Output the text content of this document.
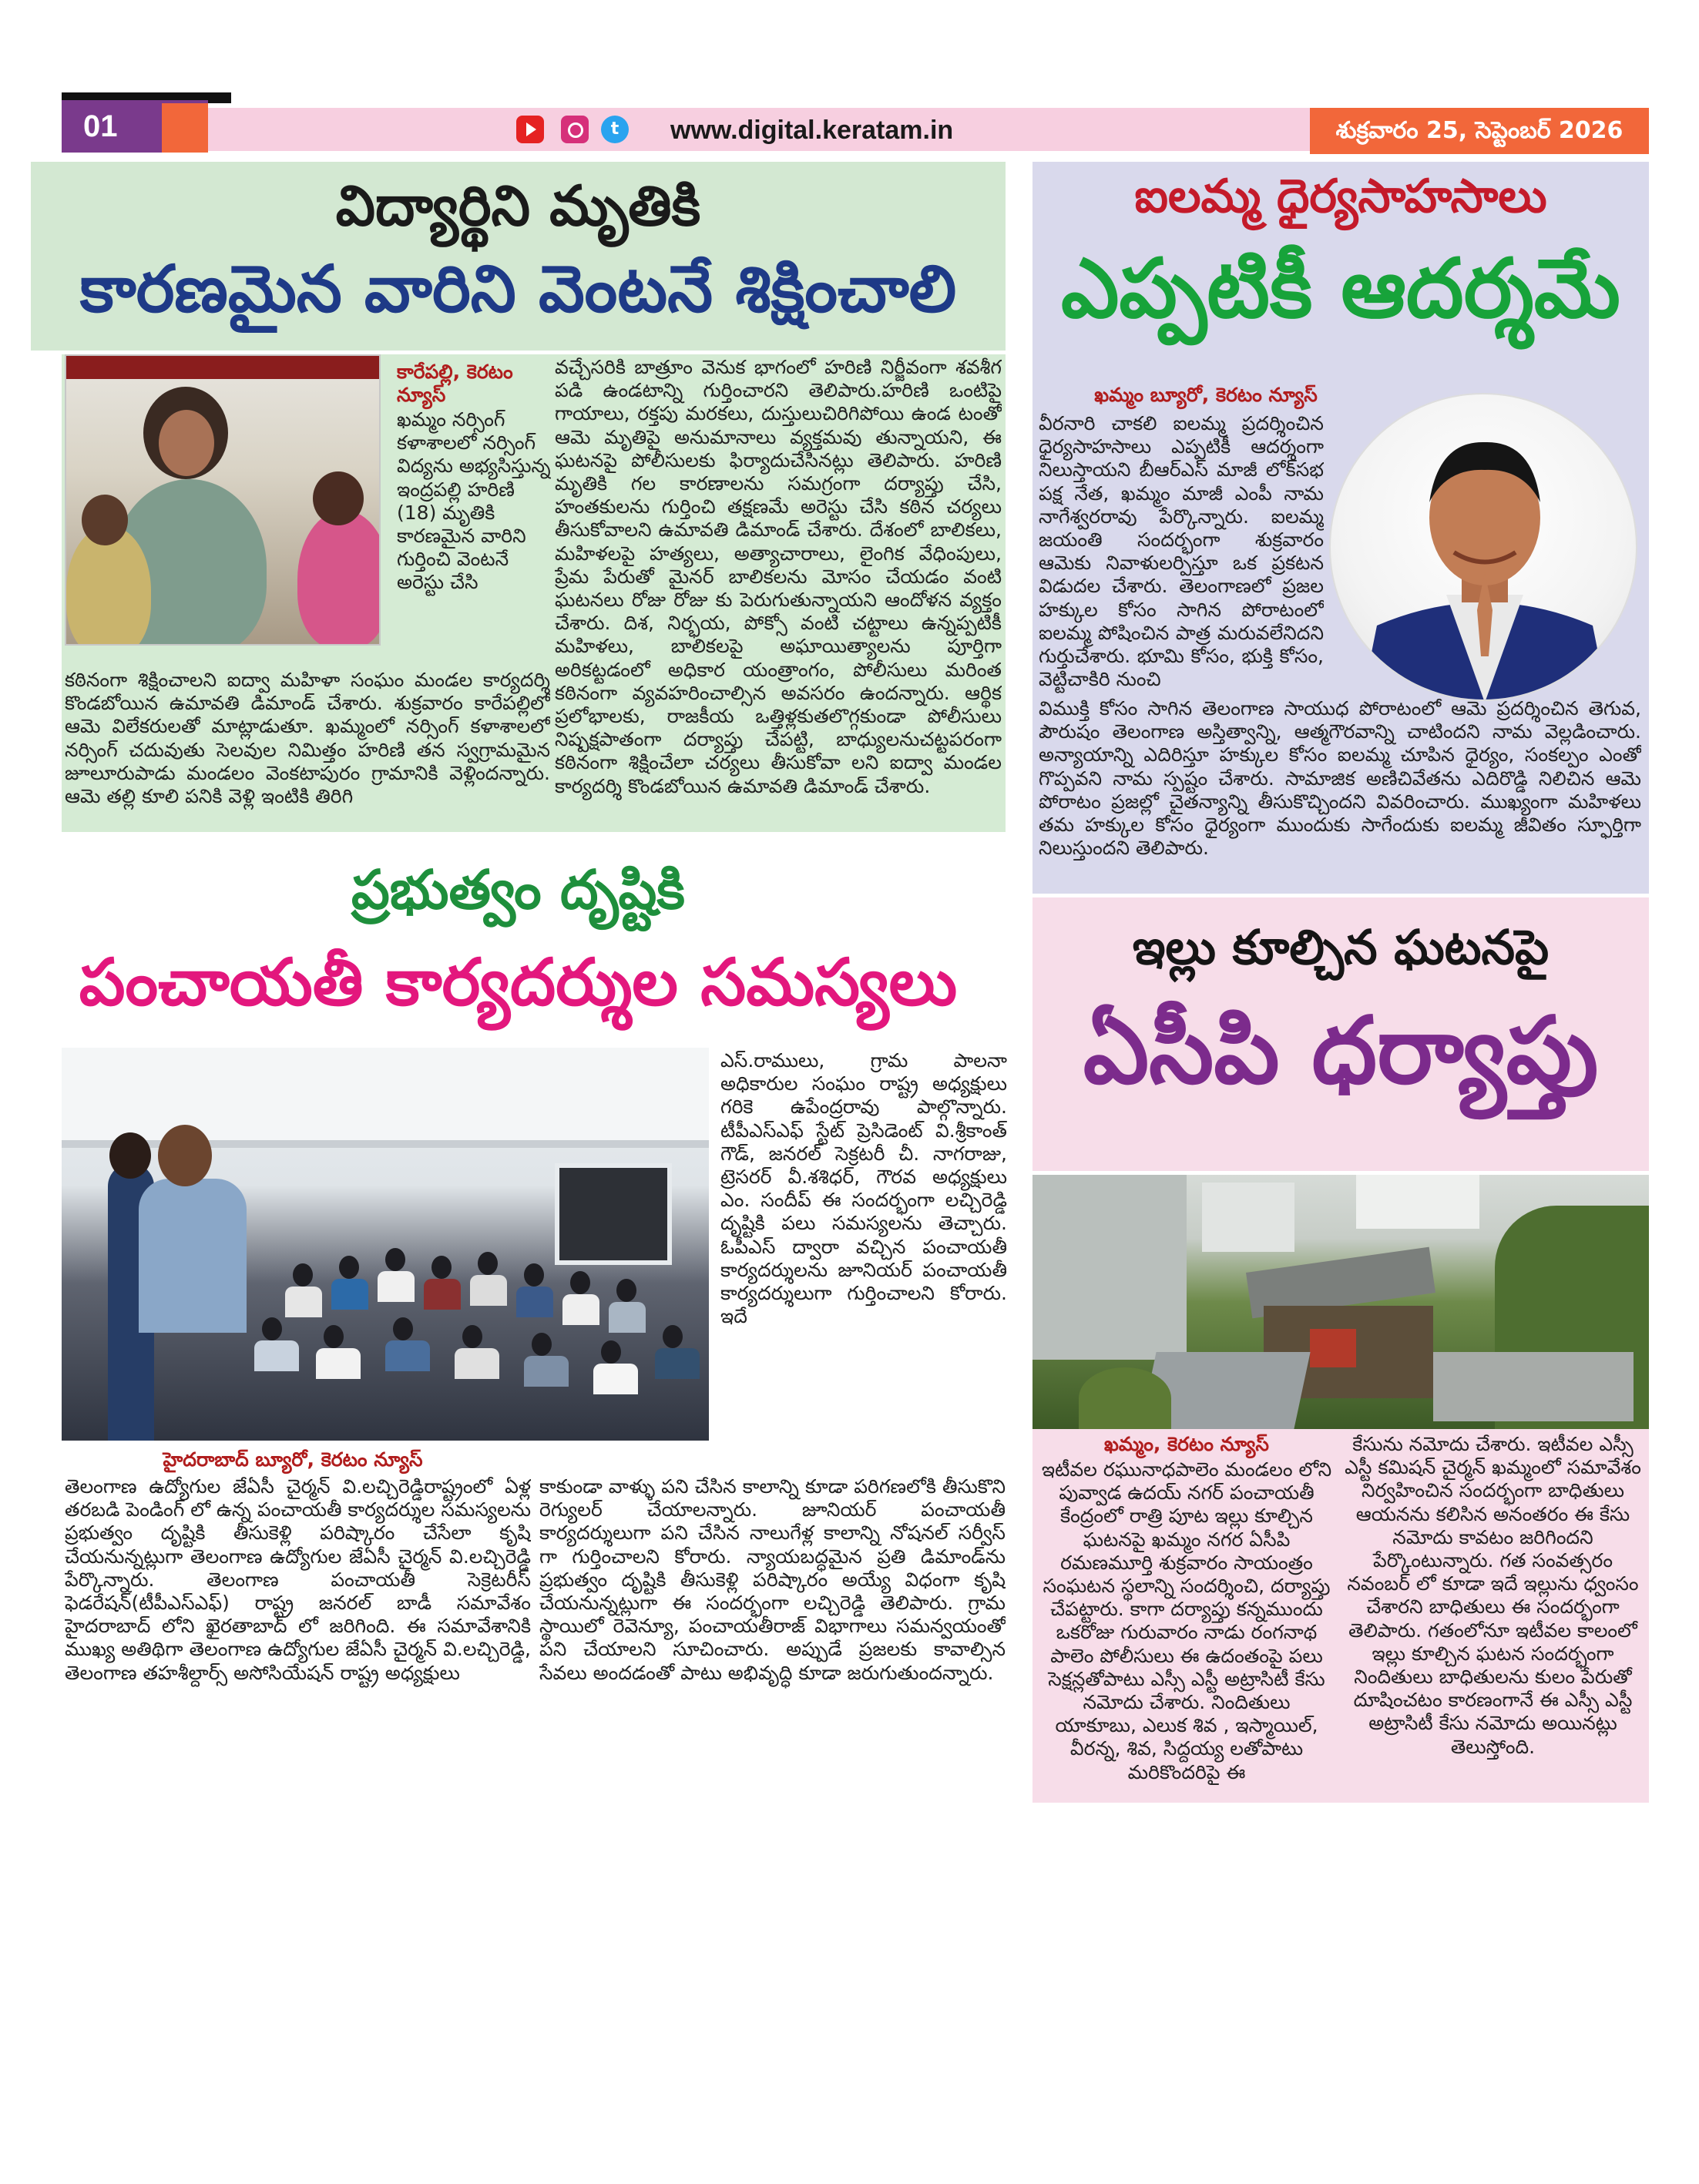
01	t	www.digital.keratam.in	శుక్రవారం 25, సెప్టెంబర్ 2026
విద్యార్థిని మృతికి
కారణమైన వారిని వెంటనే శిక్షించాలి
కారేపల్లి, కెరటం న్యూస్
ఖమ్మం నర్సింగ్ కళాశాలలో నర్సింగ్ విద్యను అభ్యసిస్తున్న ఇంద్రపల్లి హరిణి (18) మృతికి కారణమైన వారిని గుర్తించి వెంటనే అరెస్టు చేసి
కఠినంగా శిక్షించాలని ఐద్వా మహిళా సంఘం మండల కార్యదర్శి కొండబోయిన ఉమావతి డిమాండ్ చేశారు. శుక్రవారం కారేపల్లిలో ఆమె విలేకరులతో మాట్లాడుతూ. ఖమ్మంలో నర్సింగ్ కళాశాలలో నర్సింగ్ చదువుతు సెలవుల నిమిత్తం హరిణి తన స్వగ్రామమైన జూలూరుపాడు మండలం వెంకటాపురం గ్రామానికి వెళ్లిందన్నారు. ఆమె తల్లి కూలి పనికి వెళ్లి ఇంటికి తిరిగి
వచ్చేసరికి బాత్రూం వెనుక భాగంలో హరిణి నిర్జీవంగా శవశీగ పడి ఉండటాన్ని గుర్తించారని తెలిపారు.హరిణి ఒంటిపై గాయాలు, రక్తపు మరకలు, దుస్తులుచిరిగిపోయి ఉండ టంతో ఆమె మృతిపై అనుమానాలు వ్యక్తమవు తున్నాయని, ఈ ఘటనపై పోలీసులకు ఫిర్యాదుచేసినట్లు తెలిపారు. హరిణి మృతికి గల కారణాలను సమగ్రంగా దర్యాప్తు చేసి, హంతకులను గుర్తించి తక్షణమే అరెస్టు చేసి కఠిన చర్యలు తీసుకోవాలని ఉమావతి డిమాండ్ చేశారు. దేశంలో బాలికలు, మహిళలపై హత్యలు, అత్యాచారాలు, లైంగిక వేధింపులు, ప్రేమ పేరుతో మైనర్ బాలికలను మోసం చేయడం వంటి ఘటనలు రోజు రోజు కు పెరుగుతున్నాయని ఆందోళన వ్యక్తం చేశారు. దిశ, నిర్భయ, పోక్సో వంటి చట్టాలు ఉన్నప్పటికీ మహిళలు, బాలికలపై అఘాయిత్యాలను పూర్తిగా అరికట్టడంలో అధికార యంత్రాంగం, పోలీసులు మరింత కఠినంగా వ్యవహరించాల్సిన అవసరం ఉందన్నారు. ఆర్థిక ప్రలోభాలకు, రాజకీయ ఒత్తిళ్లకుతలొగ్గకుండా పోలీసులు నిష్పక్షపాతంగా దర్యాప్తు చేపట్టి, బాధ్యులనుచట్టపరంగా కఠినంగా శిక్షించేలా చర్యలు తీసుకోవా లని ఐద్వా మండల కార్యదర్శి కొండబోయిన ఉమావతి డిమాండ్ చేశారు.
ఐలమ్మ ధైర్యసాహసాలు
ఎప్పటికీ ఆదర్శమే
ఖమ్మం బ్యూరో, కెరటం న్యూస్
వీరనారి చాకలి ఐలమ్మ ప్రదర్శించిన ధైర్యసాహసాలు ఎప్పటికీ ఆదర్శంగా నిలుస్తాయని బీఆర్ఎస్ మాజీ లోక్‌సభ పక్ష నేత, ఖమ్మం మాజీ ఎంపీ నామ నాగేశ్వరరావు పేర్కొన్నారు. ఐలమ్మ జయంతి సందర్భంగా శుక్రవారం ఆమెకు నివాళులర్పిస్తూ ఒక ప్రకటన విడుదల చేశారు. తెలంగాణలో ప్రజల హక్కుల కోసం సాగిన పోరాటంలో ఐలమ్మ పోషించిన పాత్ర మరువలేనిదని గుర్తుచేశారు. భూమి కోసం, భుక్తి కోసం, వెట్టిచాకిరి నుంచి
విముక్తి కోసం సాగిన తెలంగాణ సాయుధ పోరాటంలో ఆమె ప్రదర్శించిన తెగువ, పౌరుషం తెలంగాణ అస్తిత్వాన్ని, ఆత్మగౌరవాన్ని చాటిందని నామ వెల్లడించారు. అన్యాయాన్ని ఎదిరిస్తూ హక్కుల కోసం ఐలమ్మ చూపిన ధైర్యం, సంకల్పం ఎంతో గొప్పవని నామ స్పష్టం చేశారు. సామాజిక అణిచివేతను ఎదిరొడ్డి నిలిచిన ఆమె పోరాటం ప్రజల్లో చైతన్యాన్ని తీసుకొచ్చిందని వివరించారు. ముఖ్యంగా మహిళలు తమ హక్కుల కోసం ధైర్యంగా ముందుకు సాగేందుకు ఐలమ్మ జీవితం స్ఫూర్తిగా నిలుస్తుందని తెలిపారు.
ప్రభుత్వం దృష్టికి
పంచాయతీ కార్యదర్శుల సమస్యలు
ఎస్.రాములు, గ్రామ పాలనా అధికారుల సంఘం రాష్ట్ర అధ్యక్షులు గరికె ఉపేంద్రరావు పాల్గొన్నారు. టీపీఎస్ఎఫ్ స్టేట్ ప్రెసిడెంట్ వి.శ్రీకాంత్ గౌడ్, జనరల్ సెక్రటరీ చీ. నాగరాజు, ట్రెసరర్ వీ.శశిధర్, గౌరవ అధ్యక్షులు ఎం. సందీప్ ఈ సందర్భంగా లచ్చిరెడ్డి దృష్టికి పలు సమస్యలను తెచ్చారు. ఓపీఎస్ ద్వారా వచ్చిన పంచాయతీ కార్యదర్శులను జూనియర్ పంచాయతీ కార్యదర్శులుగా గుర్తించాలని కోరారు. ఇదే
హైదరాబాద్ బ్యూరో, కెరటం న్యూస్
తెలంగాణ ఉద్యోగుల జేఏసీ చైర్మన్ వి.లచ్చిరెడ్డిరాష్ట్రంలో ఏళ్ల తరబడి పెండింగ్ లో ఉన్న పంచాయతీ కార్యదర్శుల సమస్యలను ప్రభుత్వం దృష్టికి తీసుకెళ్లి పరిష్కారం చేసేలా కృషి చేయనున్నట్లుగా తెలంగాణ ఉద్యోగుల జేఏసీ చైర్మన్ వి.లచ్చిరెడ్డి పేర్కొన్నారు. తెలంగాణ పంచాయతీ సెక్రెటరీస్ ఫెడరేషన్(టీపీఎస్ఎఫ్) రాష్ట్ర జనరల్ బాడీ సమావేశం హైదరాబాద్ లోని ఖైరతాబాద్ లో జరిగింది. ఈ సమావేశానికి ముఖ్య అతిథిగా తెలంగాణ ఉద్యోగుల జేఏసీ చైర్మన్ వి.లచ్చిరెడ్డి, తెలంగాణ తహశీల్దార్స్ అసోసియేషన్ రాష్ట్ర అధ్యక్షులు
కాకుండా వాళ్ళు పని చేసిన కాలాన్ని కూడా పరిగణలోకి తీసుకొని రెగ్యులర్ చేయాలన్నారు. జూనియర్ పంచాయతీ కార్యదర్శులుగా పని చేసిన నాలుగేళ్ల కాలాన్ని నోషనల్ సర్వీస్ గా గుర్తించాలని కోరారు. న్యాయబద్ధమైన ప్రతి డిమాండ్‌ను ప్రభుత్వం దృష్టికి తీసుకెళ్లి పరిష్కారం అయ్యే విధంగా కృషి చేయనున్నట్లుగా ఈ సందర్భంగా లచ్చిరెడ్డి తెలిపారు. గ్రామ స్థాయిలో రెవెన్యూ, పంచాయతీరాజ్ విభాగాలు సమన్వయంతో పని చేయాలని సూచించారు. అప్పుడే ప్రజలకు కావాల్సిన సేవలు అందడంతో పాటు అభివృద్ధి కూడా జరుగుతుందన్నారు.
ఇల్లు కూల్చిన ఘటనపై
ఏసీపి ధర్యాప్తు
ఖమ్మం, కెరటం న్యూస్
ఇటీవల రఘునాధపాలెం మండలం లోని పువ్వాడ ఉదయ్ నగర్ పంచాయతీ కేంద్రంలో రాత్రి పూట ఇల్లు కూల్చిన ఘటనపై ఖమ్మం నగర ఏసీపి రమణమూర్తి శుక్రవారం సాయంత్రం సంఘటన స్థలాన్ని సందర్శించి, దర్యాప్తు చేపట్టారు. కాగా దర్యాప్తు కన్నముందు ఒకరోజు గురువారం నాడు రంగనాథ పాలెం పోలీసులు ఈ ఉదంతంపై పలు సెక్షన్లతోపాటు ఎస్సీ ఎస్టీ అట్రాసిటీ కేసు నమోదు చేశారు. నిందితులు యాకూబు, ఎలుక శివ , ఇస్మాయిల్, వీరన్న, శివ, సిద్దయ్య లతోపాటు మరికొందరిపై ఈ
కేసును నమోదు చేశారు. ఇటీవల ఎస్సీ ఎస్టీ కమిషన్ చైర్మన్ ఖమ్మంలో సమావేశం నిర్వహించిన సందర్భంగా బాధితులు ఆయనను కలిసిన అనంతరం ఈ కేసు నమోదు కావటం జరిగిందని పేర్కొంటున్నారు. గత సంవత్సరం నవంబర్ లో కూడా ఇదే ఇల్లును ధ్వంసం చేశారని బాధితులు ఈ సందర్భంగా తెలిపారు. గతంలోనూ ఇటీవల కాలంలో ఇల్లు కూల్చిన ఘటన సందర్భంగా నిందితులు బాధితులను కులం పేరుతో దూషించటం కారణంగానే ఈ ఎస్సీ ఎస్టీ అట్రాసిటీ కేసు నమోదు అయినట్లు తెలుస్తోంది.
